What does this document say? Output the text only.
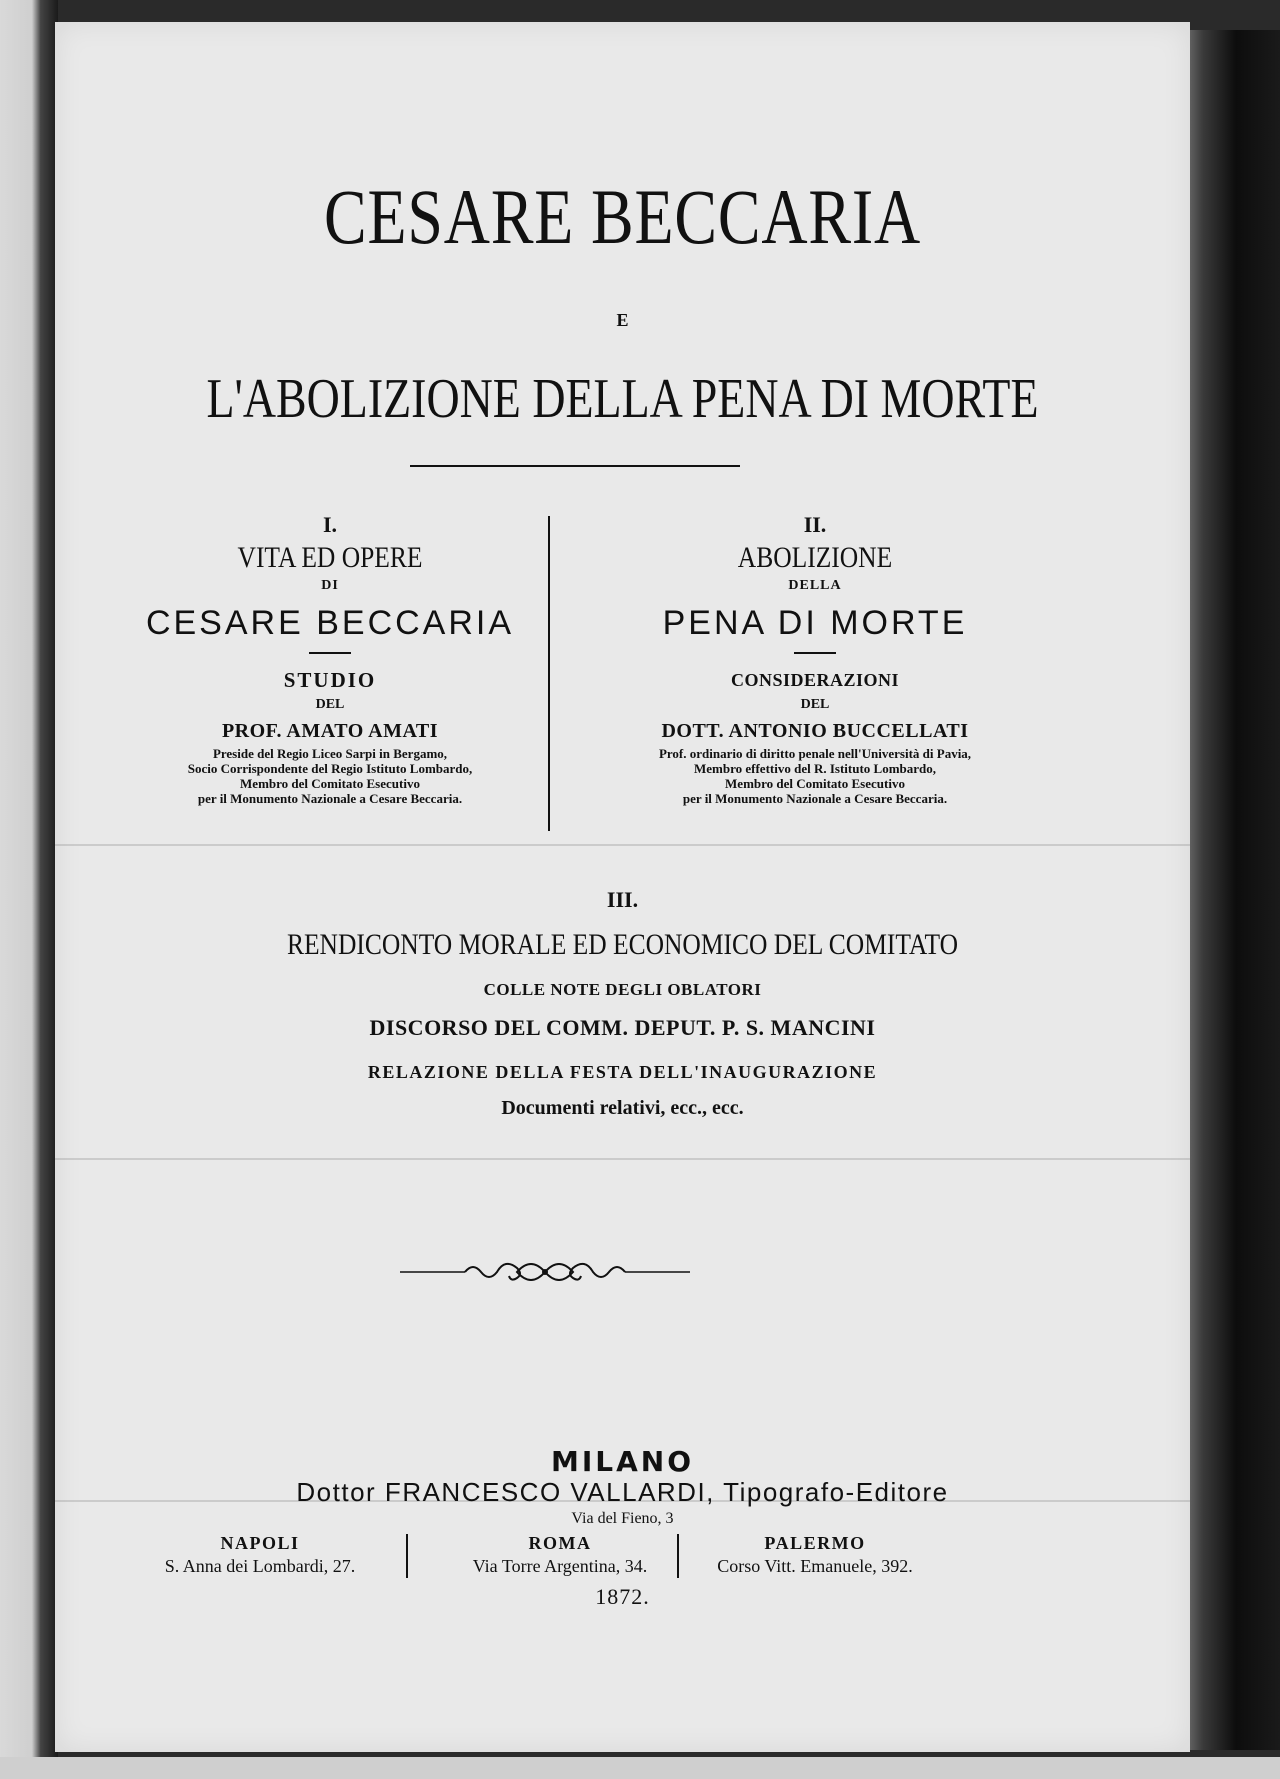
CESARE BECCARIA
E
L'ABOLIZIONE DELLA PENA DI MORTE
I.
VITA ED OPERE
DI
CESARE BECCARIA
STUDIO
DEL
PROF. AMATO AMATI
Preside del Regio Liceo Sarpi in Bergamo,
Socio Corrispondente del Regio Istituto Lombardo,
Membro del Comitato Esecutivo
per il Monumento Nazionale a Cesare Beccaria.
II.
ABOLIZIONE
DELLA
PENA DI MORTE
CONSIDERAZIONI
DEL
DOTT. ANTONIO BUCCELLATI
Prof. ordinario di diritto penale nell'Università di Pavia,
Membro effettivo del R. Istituto Lombardo,
Membro del Comitato Esecutivo
per il Monumento Nazionale a Cesare Beccaria.
III.
RENDICONTO MORALE ED ECONOMICO DEL COMITATO
COLLE NOTE DEGLI OBLATORI
DISCORSO DEL COMM. DEPUT. P. S. MANCINI
RELAZIONE DELLA FESTA DELL'INAUGURAZIONE
Documenti relativi, ecc., ecc.
MILANO
Dottor FRANCESCO VALLARDI, Tipografo-Editore
Via del Fieno, 3
NAPOLI
S. Anna dei Lombardi, 27.
ROMA
Via Torre Argentina, 34.
PALERMO
Corso Vitt. Emanuele, 392.
1872.
